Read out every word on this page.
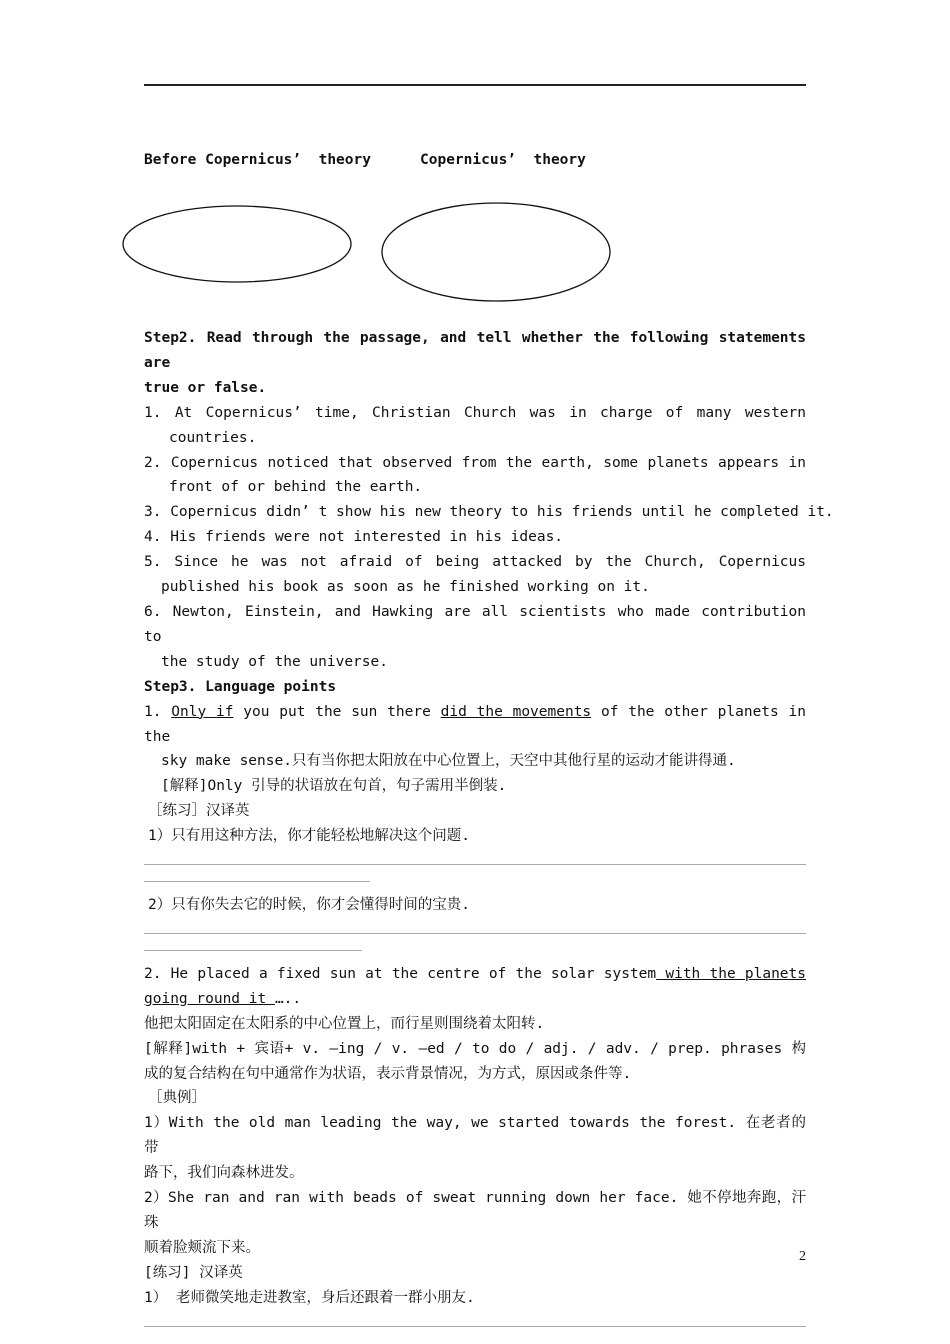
Before Copernicus’  theory

	Copernicus’  theory

Step2. Read through the passage, and tell whether the following statements are
true or false.
1. At Copernicus’ time, Christian Church was in charge of many western
countries.
2. Copernicus noticed that observed from the earth, some planets appears in
front of or behind the earth.
3. Copernicus didn’ t show his new theory to his friends until he completed it.
4. His friends were not interested in his ideas.
5. Since he was not afraid of being attacked by the Church, Copernicus
published his book as soon as he finished working on it.
6. Newton, Einstein, and Hawking are all scientists who made contribution to
the study of the universe.
Step3. Language points
1. Only if you put the sun there did the movements of the other planets in the
sky make sense.只有当你把太阳放在中心位置上，天空中其他行星的运动才能讲得通.
[解释]Only 引导的状语放在句首，句子需用半倒装.
［练习］汉译英
1）只有用这种方法，你才能轻松地解决这个问题.
2）只有你失去它的时候，你才会懂得时间的宝贵.
2. He placed a fixed sun at the centre of the solar system with the planets
going round it …..
他把太阳固定在太阳系的中心位置上，而行星则围绕着太阳转.
[解释]with + 宾语+ v. –ing / v. –ed / to do / adj. / adv. / prep. phrases 构
成的复合结构在句中通常作为状语，表示背景情况，为方式，原因或条件等.
［典例］
1）With the old man leading the way, we started towards the forest. 在老者的带
路下，我们向森林进发。
2）She ran and ran with beads of sweat running down her face. 她不停地奔跑，汗珠
顺着脸颊流下来。
[练习] 汉译英
1） 老师微笑地走进教室，身后还跟着一群小朋友.
2
